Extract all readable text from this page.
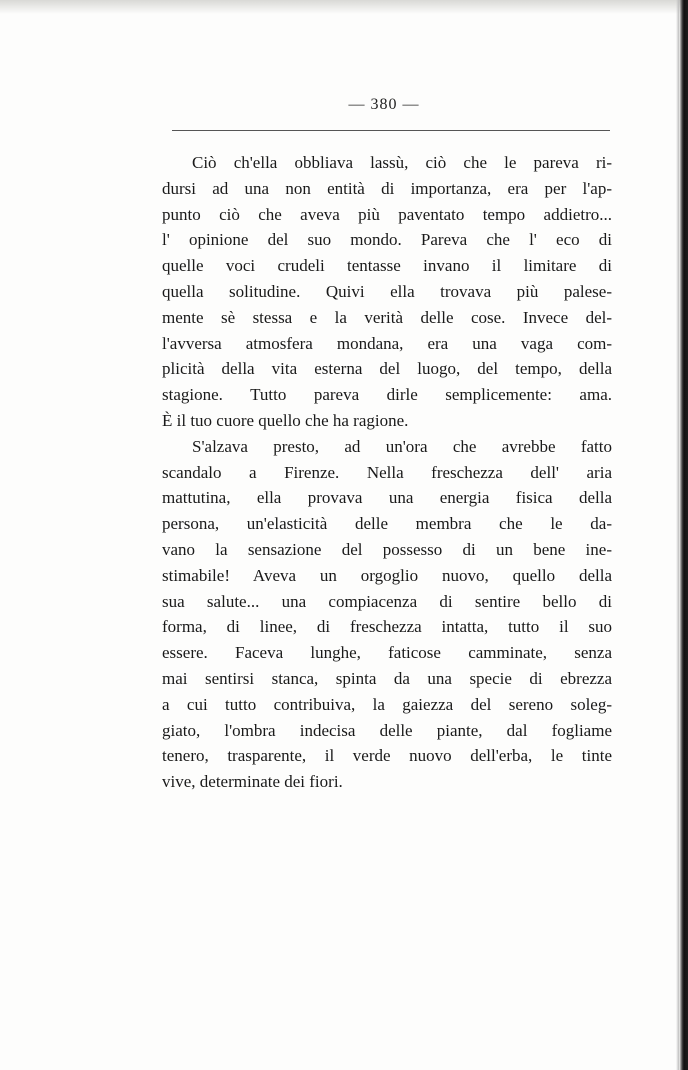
— 380 —
Ciò ch'ella obbliava lassù, ciò che le pareva ri-
dursi ad una non entità di importanza, era per l'ap-
punto ciò che aveva più paventato tempo addietro...
l' opinione del suo mondo. Pareva che l' eco di
quelle voci crudeli tentasse invano il limitare di
quella solitudine. Quivi ella trovava più palese-
mente sè stessa e la verità delle cose. Invece del-
l'avversa atmosfera mondana, era una vaga com-
plicità della vita esterna del luogo, del tempo, della
stagione. Tutto pareva dirle semplicemente: ama.
È il tuo cuore quello che ha ragione.
S'alzava presto, ad un'ora che avrebbe fatto
scandalo a Firenze. Nella freschezza dell' aria
mattutina, ella provava una energia fisica della
persona, un'elasticità delle membra che le da-
vano la sensazione del possesso di un bene ine-
stimabile! Aveva un orgoglio nuovo, quello della
sua salute... una compiacenza di sentire bello di
forma, di linee, di freschezza intatta, tutto il suo
essere. Faceva lunghe, faticose camminate, senza
mai sentirsi stanca, spinta da una specie di ebrezza
a cui tutto contribuiva, la gaiezza del sereno soleg-
giato, l'ombra indecisa delle piante, dal fogliame
tenero, trasparente, il verde nuovo dell'erba, le tinte
vive, determinate dei fiori.
